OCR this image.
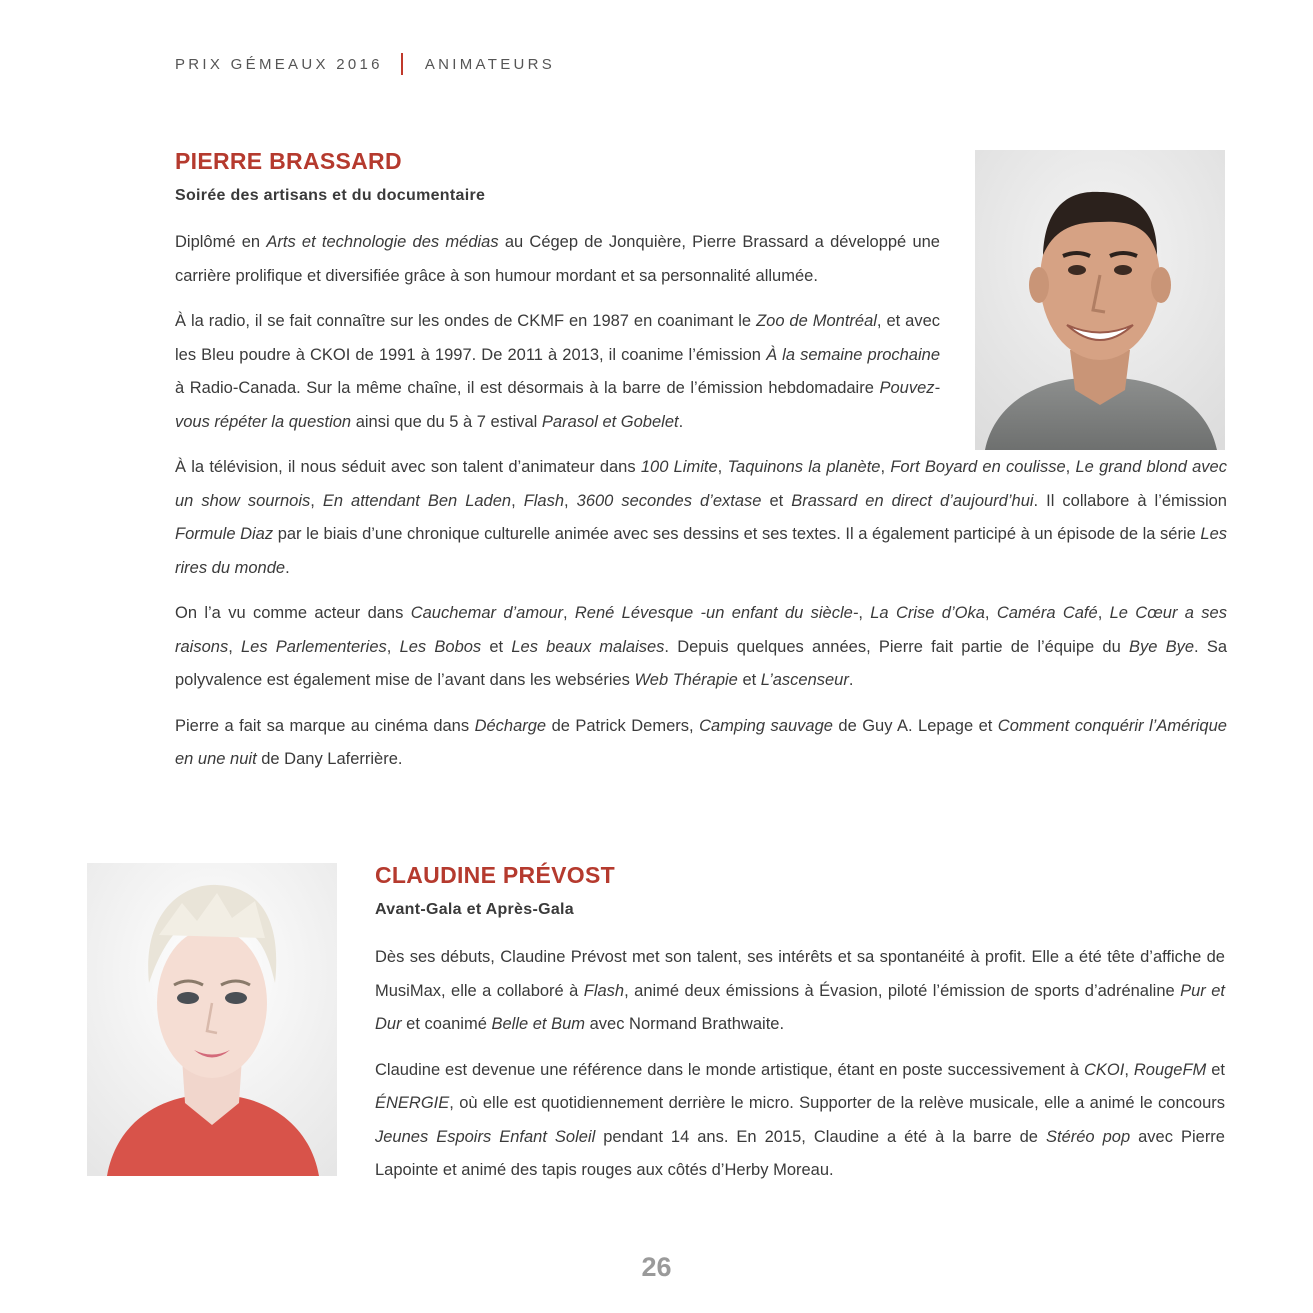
PRIX GÉMEAUX 2016	ANIMATEURS
PIERRE BRASSARD
Soirée des artisans et du documentaire

Diplômé en Arts et technologie des médias au Cégep de Jonquière, Pierre Brassard a développé une carrière prolifique et diversifiée grâce à son humour mordant et sa personnalité allumée.

À la radio, il se fait connaître sur les ondes de CKMF en 1987 en coanimant le Zoo de Montréal, et avec les Bleu poudre à CKOI de 1991 à 1997. De 2011 à 2013, il coanime l’émission À la semaine prochaine à Radio-Canada. Sur la même chaîne, il est désormais à la barre de l’émission hebdomadaire Pouvez-vous répéter la question ainsi que du 5 à 7 estival Parasol et Gobelet.

À la télévision, il nous séduit avec son talent d’animateur dans 100 Limite, Taquinons la planète, Fort Boyard en coulisse, Le grand blond avec un show sournois, En attendant Ben Laden, Flash, 3600 secondes d’extase et Brassard en direct d’aujourd’hui. Il collabore à l’émission Formule Diaz par le biais d’une chronique culturelle animée avec ses dessins et ses textes. Il a également participé à un épisode de la série Les rires du monde.

On l’a vu comme acteur dans Cauchemar d’amour, René Lévesque -un enfant du siècle-, La Crise d’Oka, Caméra Café, Le Cœur a ses raisons, Les Parlementeries, Les Bobos et Les beaux malaises. Depuis quelques années, Pierre fait partie de l’équipe du Bye Bye. Sa polyvalence est également mise de l’avant dans les webséries Web Thérapie et L’ascenseur.

Pierre a fait sa marque au cinéma dans Décharge de Patrick Demers, Camping sauvage de Guy A. Lepage et Comment conquérir l’Amérique en une nuit de Dany Laferrière.

CLAUDINE PRÉVOST
Avant-Gala et Après-Gala

Dès ses débuts, Claudine Prévost met son talent, ses intérêts et sa spontanéité à profit. Elle a été tête d’affiche de MusiMax, elle a collaboré à Flash, animé deux émissions à Évasion, piloté l’émission de sports d’adrénaline Pur et Dur et coanimé Belle et Bum avec Normand Brathwaite.

Claudine est devenue une référence dans le monde artistique, étant en poste successivement à CKOI, RougeFM et ÉNERGIE, où elle est quotidiennement derrière le micro. Supporter de la relève musicale, elle a animé le concours Jeunes Espoirs Enfant Soleil pendant 14 ans. En 2015, Claudine a été à la barre de Stéréo pop avec Pierre Lapointe et animé des tapis rouges aux côtés d’Herby Moreau.

26
